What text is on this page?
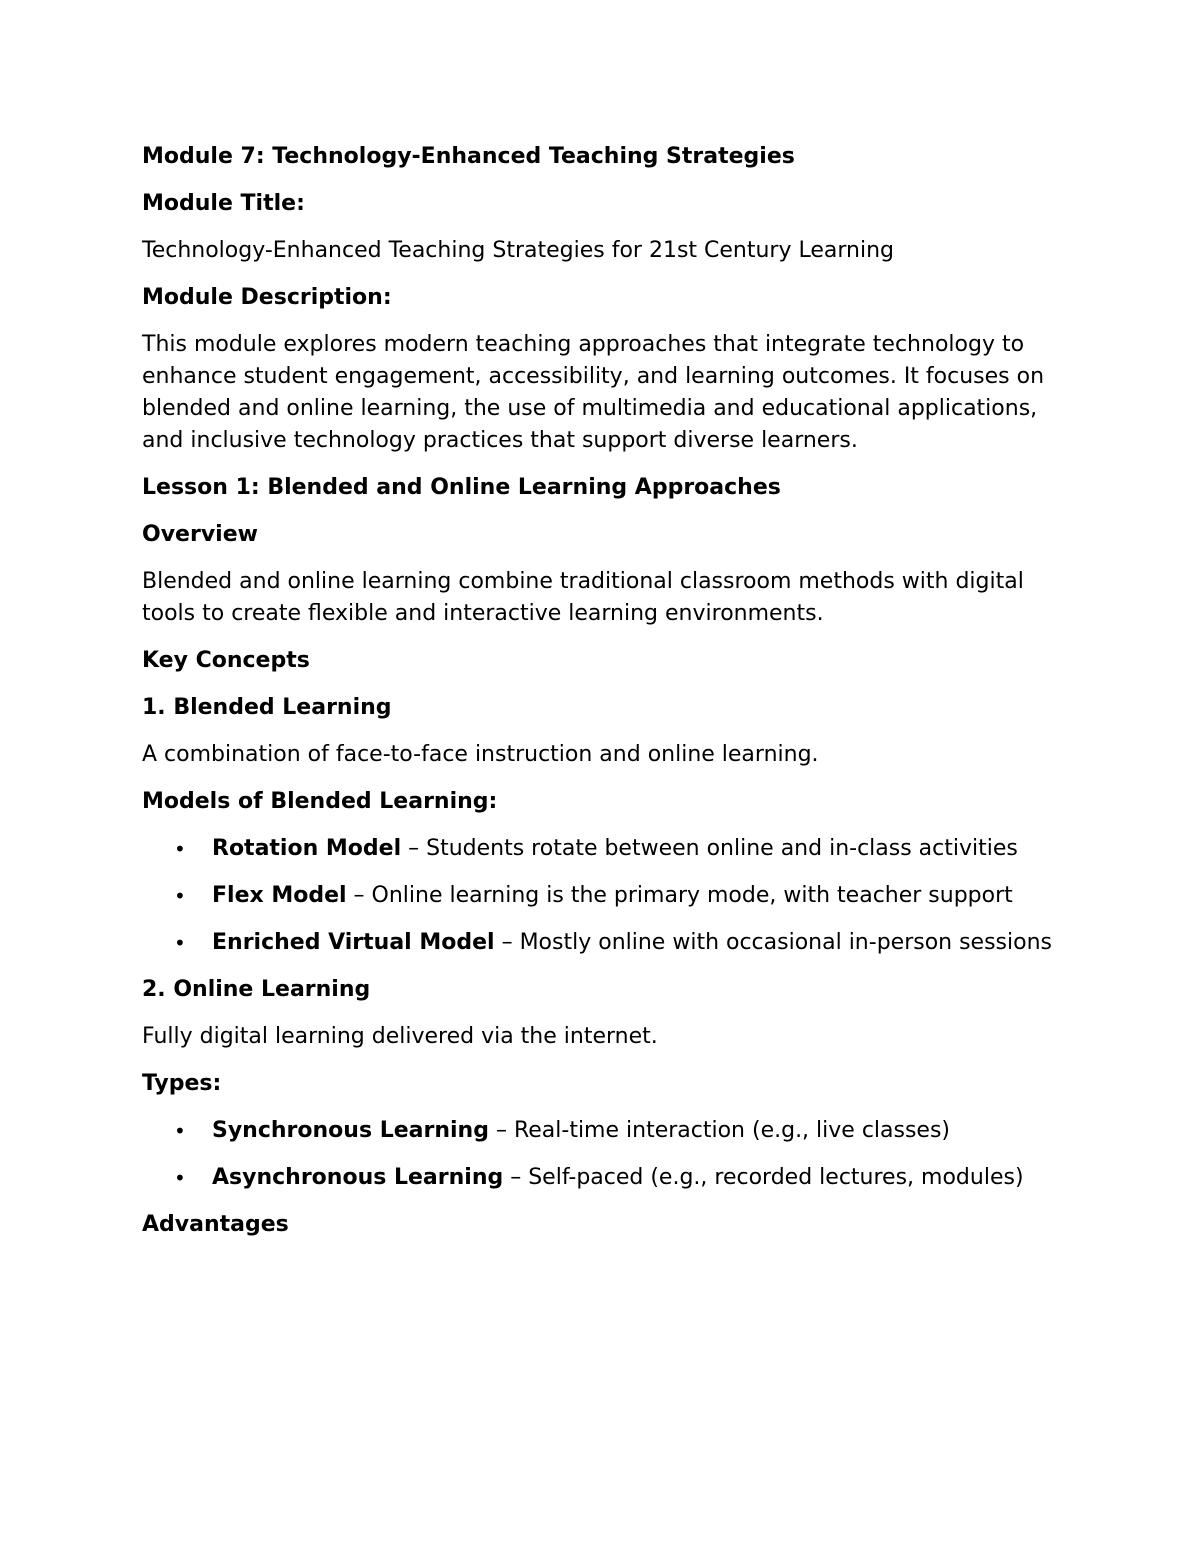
Module 7: Technology-Enhanced Teaching Strategies

Module Title:

Technology-Enhanced Teaching Strategies for 21st Century Learning

Module Description:

This module explores modern teaching approaches that integrate technology to enhance student engagement, accessibility, and learning outcomes. It focuses on blended and online learning, the use of multimedia and educational applications, and inclusive technology practices that support diverse learners.

Lesson 1: Blended and Online Learning Approaches

Overview

Blended and online learning combine traditional classroom methods with digital tools to create flexible and interactive learning environments.

Key Concepts

1. Blended Learning

A combination of face-to-face instruction and online learning.

Models of Blended Learning:

• Rotation Model – Students rotate between online and in-class activities
• Flex Model – Online learning is the primary mode, with teacher support
• Enriched Virtual Model – Mostly online with occasional in-person sessions

2. Online Learning

Fully digital learning delivered via the internet.

Types:

• Synchronous Learning – Real-time interaction (e.g., live classes)
• Asynchronous Learning – Self-paced (e.g., recorded lectures, modules)

Advantages
